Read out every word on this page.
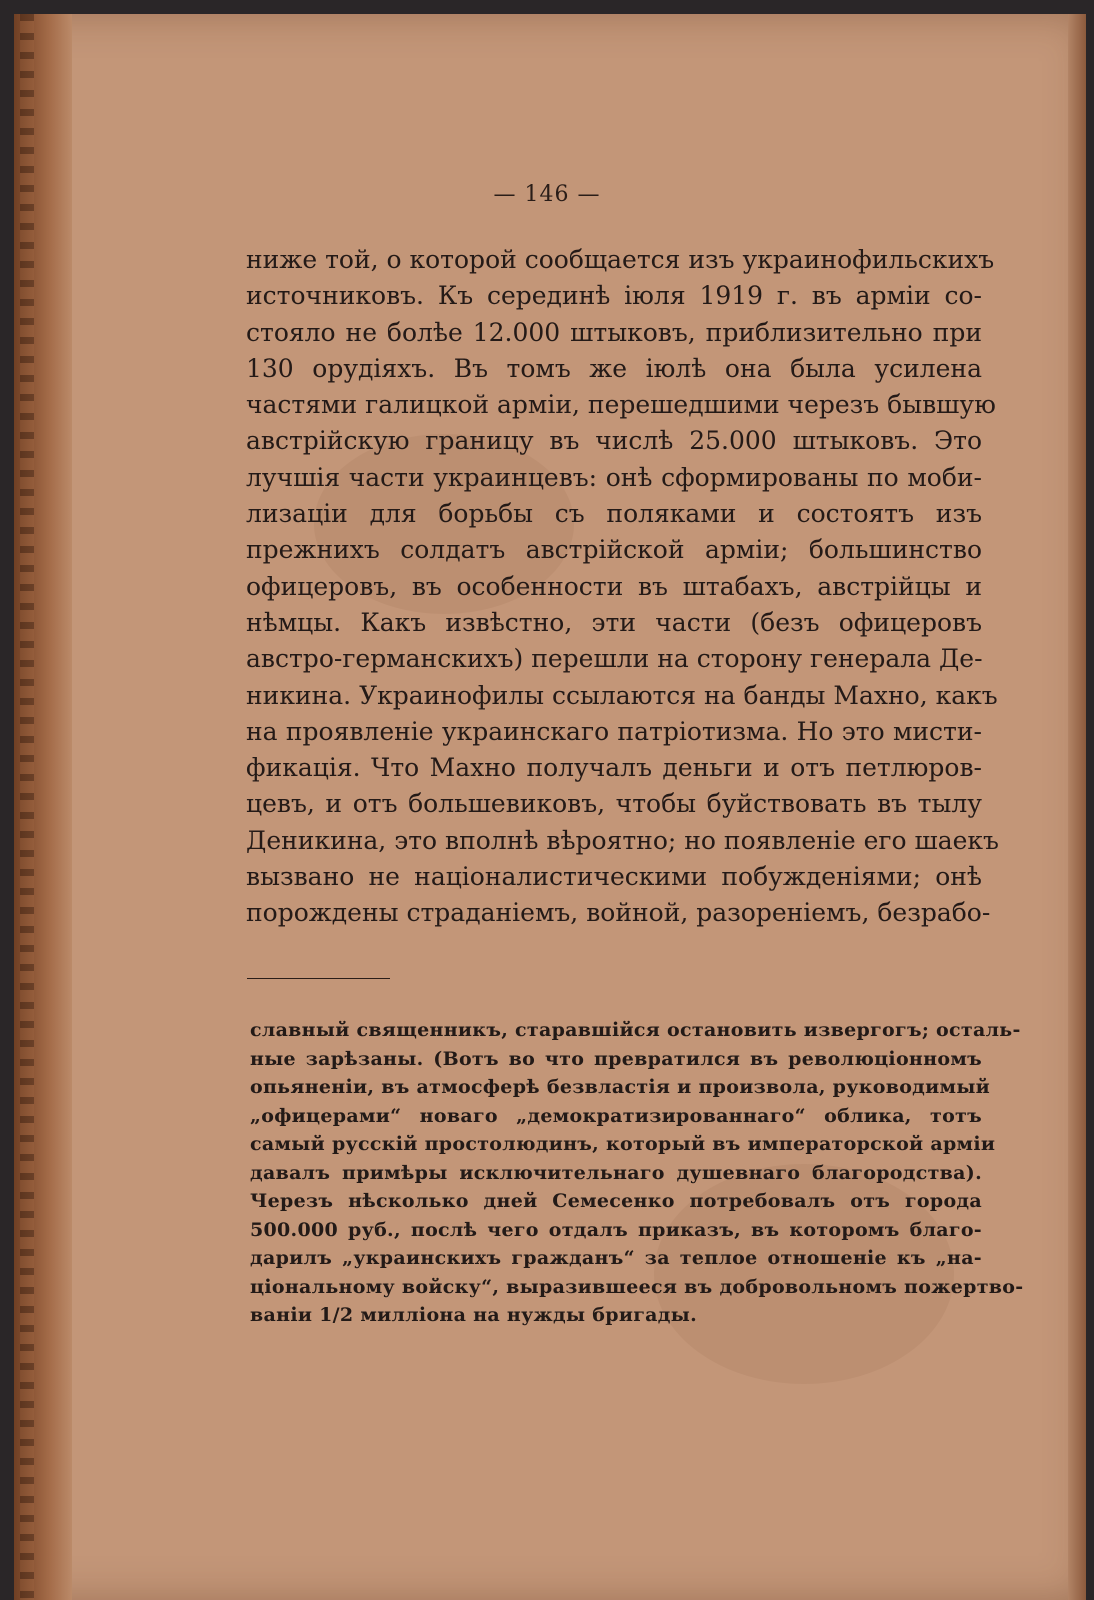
— 146 —
ниже той, о которой сообщается изъ украинофильскихъ
источниковъ. Къ серединѣ іюля 1919 г. въ арміи со-
стояло не болѣе 12.000 штыковъ, приблизительно при
130 орудіяхъ. Въ томъ же іюлѣ она была усилена
частями галицкой арміи, перешедшими черезъ бывшую
австрійскую границу въ числѣ 25.000 штыковъ. Это
лучшія части украинцевъ: онѣ сформированы по моби-
лизаціи для борьбы съ поляками и состоятъ изъ
прежнихъ солдатъ австрійской арміи; большинство
офицеровъ, въ особенности въ штабахъ, австрійцы и
нѣмцы. Какъ извѣстно, эти части (безъ офицеровъ
австро-германскихъ) перешли на сторону генерала Де-
никина. Украинофилы ссылаются на банды Махно, какъ
на проявленіе украинскаго патріотизма. Но это мисти-
фикація. Что Махно получалъ деньги и отъ петлюров-
цевъ, и отъ большевиковъ, чтобы буйствовать въ тылу
Деникина, это вполнѣ вѣроятно; но появленіе его шаекъ
вызвано не націоналистическими побужденіями; онѣ
порождены страданіемъ, войной, разореніемъ, безрабо-
славный священникъ, старавшійся остановить извергогъ; осталь-
ные зарѣзаны. (Вотъ во что превратился въ революціонномъ
опьяненіи, въ атмосферѣ безвластія и произвола, руководимый
„офицерами“ новаго „демократизированнаго“ облика, тотъ
самый русскій простолюдинъ, который въ императорской арміи
давалъ примѣры исключительнаго душевнаго благородства).
Черезъ нѣсколько дней Семесенко потребовалъ отъ города
500.000 руб., послѣ чего отдалъ приказъ, въ которомъ благо-
дарилъ „украинскихъ гражданъ“ за теплое отношеніе къ „на-
ціональному войску“, выразившееся въ добровольномъ пожертво-
ваніи 1/2 милліона на нужды бригады.
